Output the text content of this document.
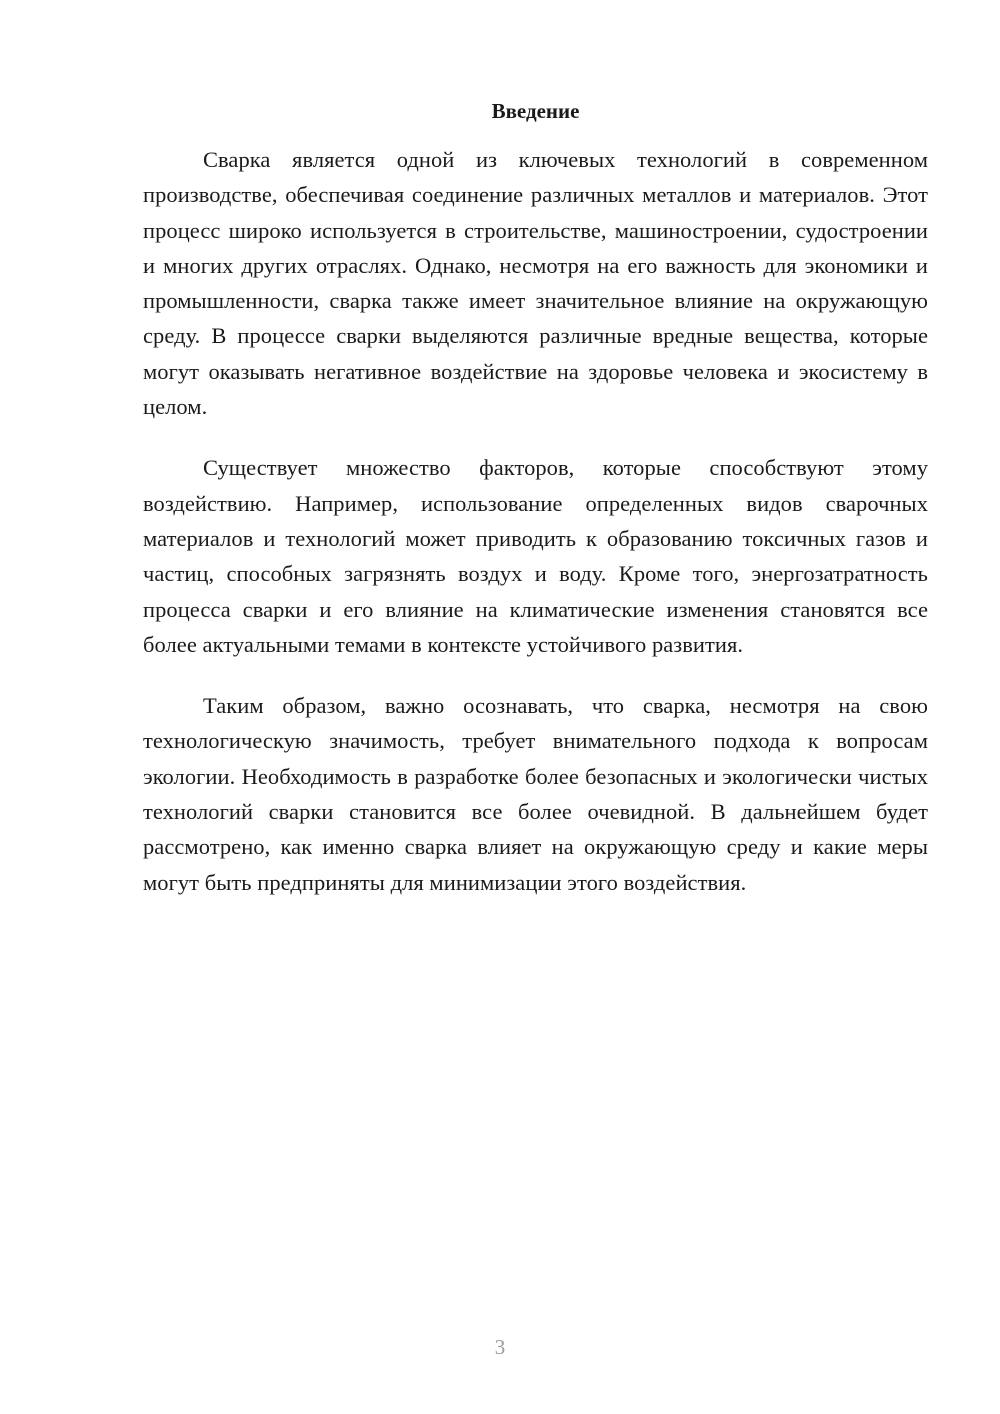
Введение

Сварка является одной из ключевых технологий в современном производстве, обеспечивая соединение различных металлов и материалов. Этот процесс широко используется в строительстве, машиностроении, судостроении и многих других отраслях. Однако, несмотря на его важность для экономики и промышленности, сварка также имеет значительное влияние на окружающую среду. В процессе сварки выделяются различные вредные вещества, которые могут оказывать негативное воздействие на здоровье человека и экосистему в целом.

Существует множество факторов, которые способствуют этому воздействию. Например, использование определенных видов сварочных материалов и технологий может приводить к образованию токсичных газов и частиц, способных загрязнять воздух и воду. Кроме того, энергозатратность процесса сварки и его влияние на климатические изменения становятся все более актуальными темами в контексте устойчивого развития.

Таким образом, важно осознавать, что сварка, несмотря на свою технологическую значимость, требует внимательного подхода к вопросам экологии. Необходимость в разработке более безопасных и экологически чистых технологий сварки становится все более очевидной. В дальнейшем будет рассмотрено, как именно сварка влияет на окружающую среду и какие меры могут быть предприняты для минимизации этого воздействия.

3
